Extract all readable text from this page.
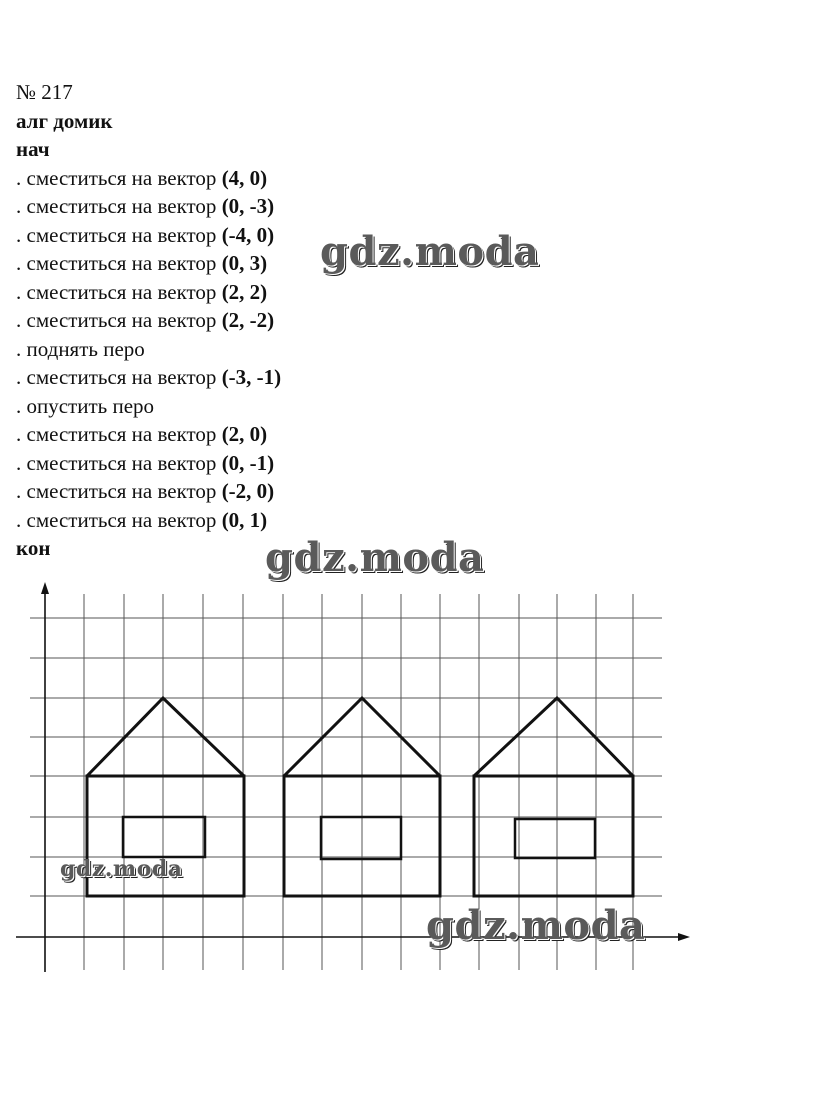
№ 217
алг домик
нач
. сместиться на вектор (4, 0)
. сместиться на вектор (0, -3)
. сместиться на вектор (-4, 0)
. сместиться на вектор (0, 3)
. сместиться на вектор (2, 2)
. сместиться на вектор (2, -2)
. поднять перо
. сместиться на вектор (-3, -1)
. опустить перо
. сместиться на вектор (2, 0)
. сместиться на вектор (0, -1)
. сместиться на вектор (-2, 0)
. сместиться на вектор (0, 1)
кон
gdz.moda
gdz.moda
gdz.moda
gdz.moda
